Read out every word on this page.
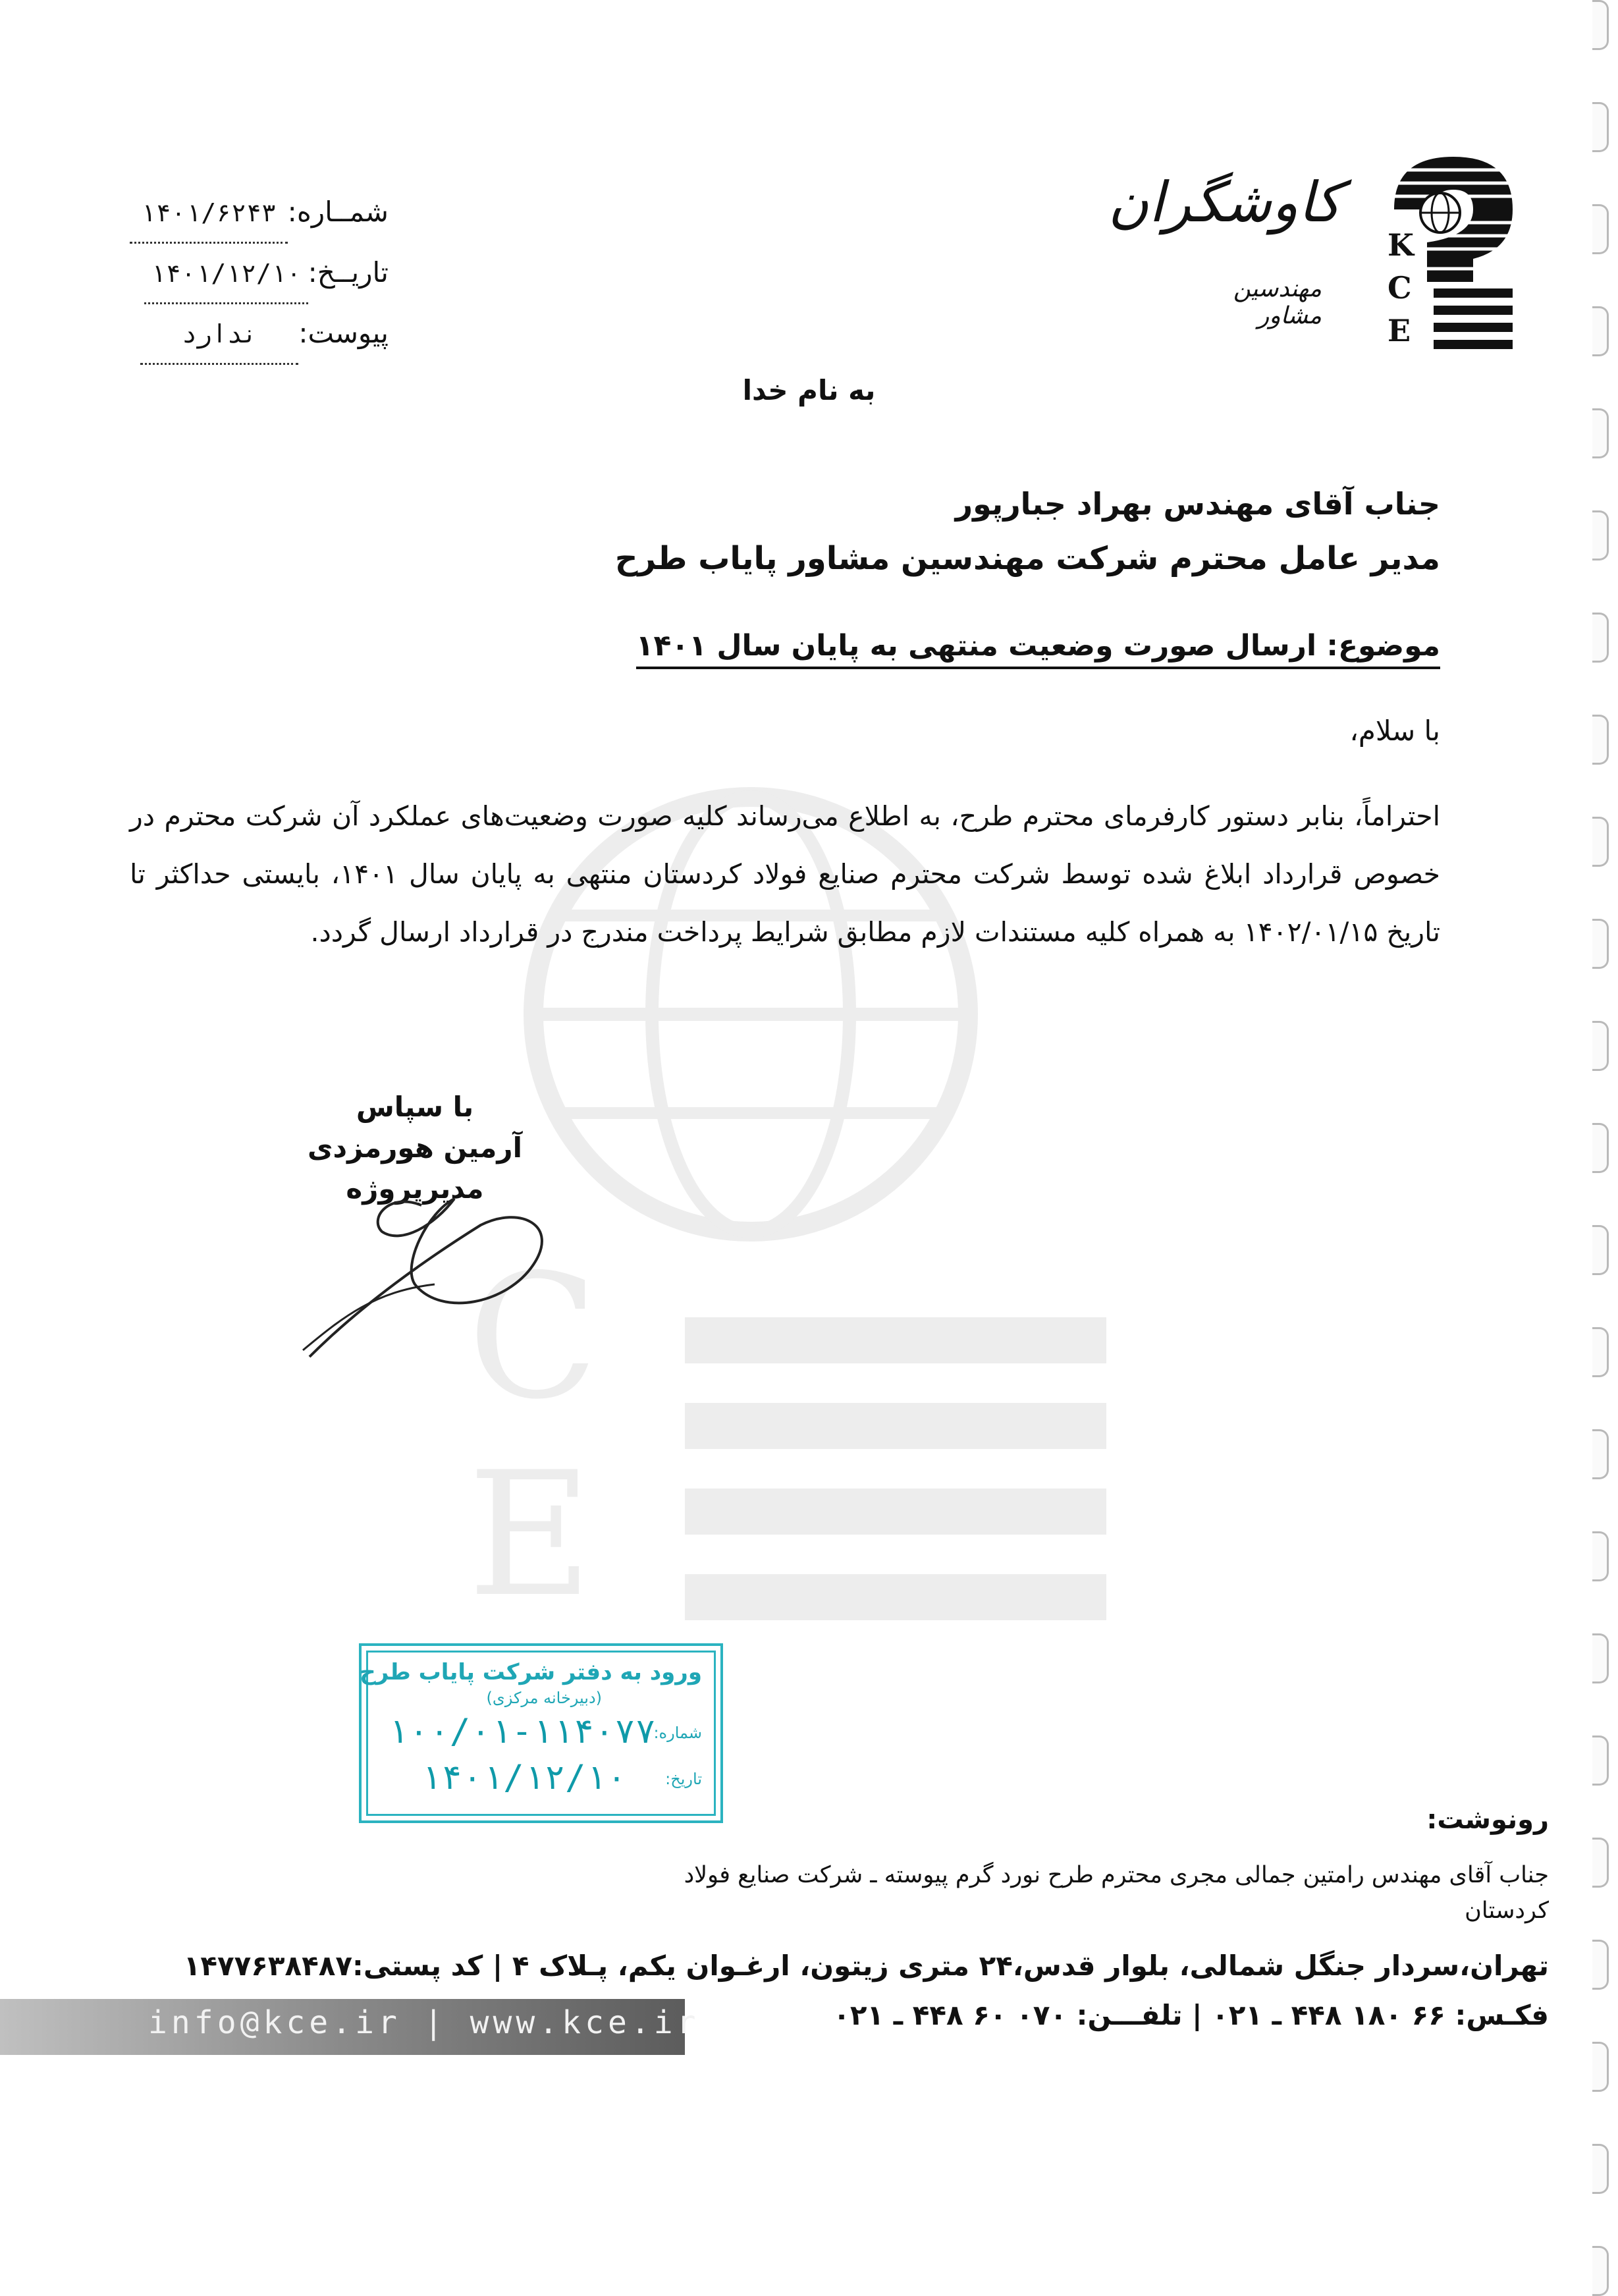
C
E
شمــاره:
۱۴۰۱/۶۲۴۳
تاریــخ:
۱۴۰۱/۱۲/۱۰
پیوست:
ندارد
K
C
E
کاوشگران
مهندسین مشاور
به نام خدا
جناب آقای مهندس بهراد جبارپور
مدیر عامل محترم شرکت مهندسین مشاور پایاب طرح
موضوع: ارسال صورت وضعیت منتهی به پایان سال ۱۴۰۱
با سلام،
احتراماً، بنابر دستور کارفرمای محترم طرح، به اطلاع می‌رساند کلیه صورت وضعیت‌های عملکرد آن شرکت محترم در خصوص قرارداد ابلاغ شده توسط شرکت محترم صنایع فولاد کردستان منتهی به پایان سال ۱۴۰۱، بایستی حداکثر تا تاریخ ۱۴۰۲/۰۱/۱۵ به همراه کلیه مستندات لازم مطابق شرایط پرداخت مندرج در قرارداد ارسال گردد.
با سپاس
آرمین هورمزدی
مدیرپروژه
ورود به دفتر شرکت پایاب طرح
(دبیرخانه مرکزی)
شماره:
۱۰۰/۰۱-۱۱۴۰۷۷
تاریخ:
۱۴۰۱/۱۲/۱۰
رونوشت:
جناب آقای مهندس رامتین جمالی مجری محترم طرح نورد گرم پیوسته ـ شرکت صنایع فولاد کردستان
تهران،سردار جنگل شمالی، بلوار قدس،۲۴ متری زیتون، ارغـوان یکم، پـلاک ۴ | کد پستی:۱۴۷۷۶۳۸۴۸۷
info@kce.ir | www.kce.ir	فکـس: ۶۶ ۱۸۰ ۴۴۸ ـ ۰۲۱ | تلفـــن: ۰۷۰ ۶۰ ۴۴۸ ـ ۰۲۱
